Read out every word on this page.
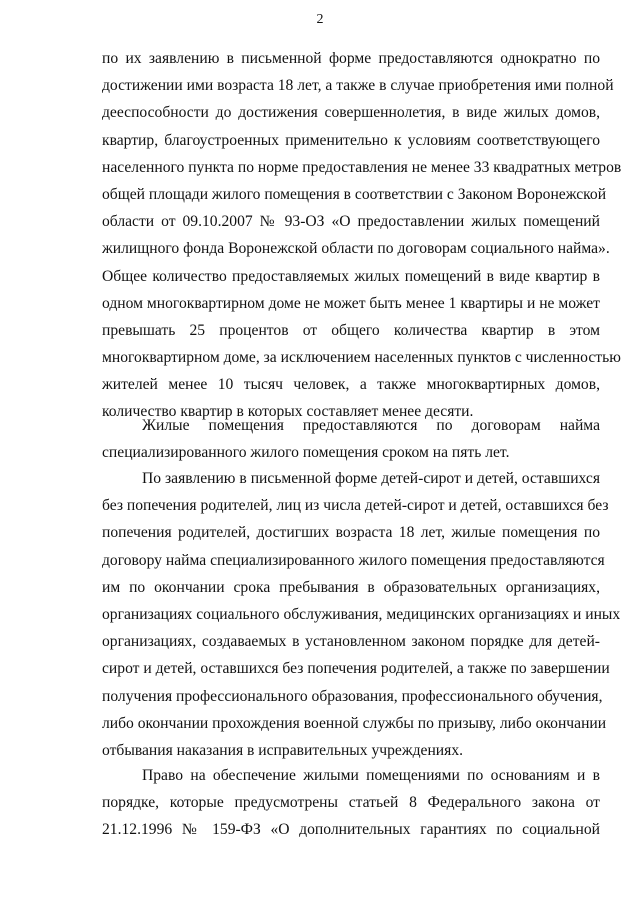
2
по их заявлению в письменной форме предоставляются однократно по
достижении ими возраста 18 лет, а также в случае приобретения ими полной
дееспособности до достижения совершеннолетия, в виде жилых домов,
квартир, благоустроенных применительно к условиям соответствующего
населенного пункта по норме предоставления не менее 33 квадратных метров
общей площади жилого помещения в соответствии с Законом Воронежской
области от 09.10.2007 № 93-ОЗ «О предоставлении жилых помещений
жилищного фонда Воронежской области по договорам социального найма».
Общее количество предоставляемых жилых помещений в виде квартир в
одном многоквартирном доме не может быть менее 1 квартиры и не может
превышать 25 процентов от общего количества квартир в этом
многоквартирном доме, за исключением населенных пунктов с численностью
жителей менее 10 тысяч человек, а также многоквартирных домов,
количество квартир в которых составляет менее десяти.
Жилые помещения предоставляются по договорам найма
специализированного жилого помещения сроком на пять лет.
По заявлению в письменной форме детей-сирот и детей, оставшихся
без попечения родителей, лиц из числа детей-сирот и детей, оставшихся без
попечения родителей, достигших возраста 18 лет, жилые помещения по
договору найма специализированного жилого помещения предоставляются
им по окончании срока пребывания в образовательных организациях,
организациях социального обслуживания, медицинских организациях и иных
организациях, создаваемых в установленном законом порядке для детей-
сирот и детей, оставшихся без попечения родителей, а также по завершении
получения профессионального образования, профессионального обучения,
либо окончании прохождения военной службы по призыву, либо окончании
отбывания наказания в исправительных учреждениях.
Право на обеспечение жилыми помещениями по основаниям и в
порядке, которые предусмотрены статьей 8 Федерального закона от
21.12.1996 № 159-ФЗ «О дополнительных гарантиях по социальной
